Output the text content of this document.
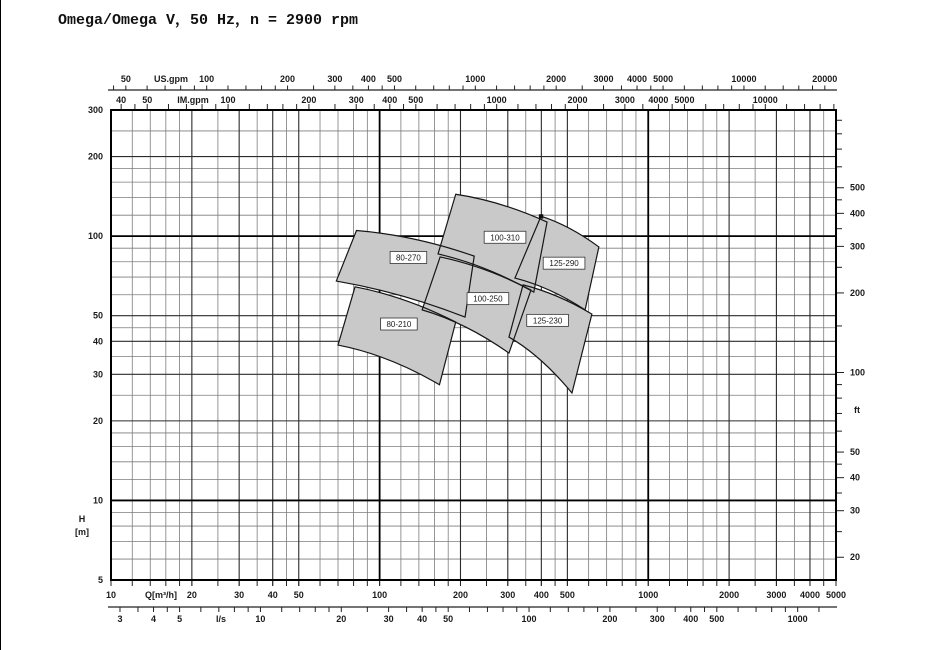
Omega/Omega V，50 Hz，n = 2900 rpm
300
200
100
50
40
30
20
10
5
H
[m]
500
400
300
200
100
50
40
30
20
ft
50	100	200	300 400 500	1000	2000	3000 4000 5000	10000	20000
US.gpm
40 50	100	200	300 400 500	1000	2000	3000 4000 5000	10000
IM.gpm
10	20	30	40 50	100	200	300 400 500	1000	2000	3000 4000 5000
Q[m³/h]
3	4 5	10	20	30	40 50	100	200	300 400 500	1000
l/s
80-270
80-210
100-310
100-250
125-290
125-230
